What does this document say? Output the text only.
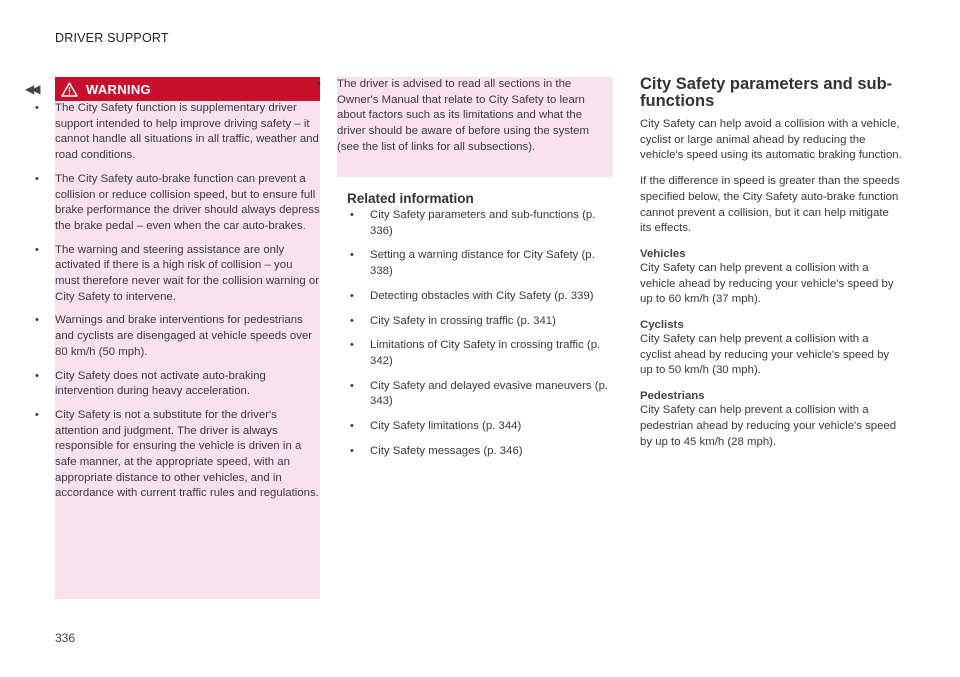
DRIVER SUPPORT
◀◀
336
WARNING
• The City Safety function is supplementary driver support intended to help improve driving safety – it cannot handle all situations in all traffic, weather and road conditions.
• The City Safety auto-brake function can prevent a collision or reduce collision speed, but to ensure full brake performance the driver should always depress the brake pedal – even when the car auto-brakes.
• The warning and steering assistance are only activated if there is a high risk of collision – you must therefore never wait for the collision warning or City Safety to intervene.
• Warnings and brake interventions for pedestrians and cyclists are disengaged at vehicle speeds over 80 km/h (50 mph).
• City Safety does not activate auto-braking intervention during heavy acceleration.
• City Safety is not a substitute for the driver's attention and judgment. The driver is always responsible for ensuring the vehicle is driven in a safe manner, at the appropriate speed, with an appropriate distance to other vehicles, and in accordance with current traffic rules and regulations.
• The driver is advised to read all sections in the Owner's Manual that relate to City Safety to learn about factors such as its limitations and what the driver should be aware of before using the system (see the list of links for all subsections).
Related information
• City Safety parameters and sub-functions (p. 336)
• Setting a warning distance for City Safety (p. 338)
• Detecting obstacles with City Safety (p. 339)
• City Safety in crossing traffic (p. 341)
• Limitations of City Safety in crossing traffic (p. 342)
• City Safety and delayed evasive maneuvers (p. 343)
• City Safety limitations (p. 344)
• City Safety messages (p. 346)
City Safety parameters and sub-functions

City Safety can help avoid a collision with a vehicle, cyclist or large animal ahead by reducing the vehicle's speed using its automatic braking function.

If the difference in speed is greater than the speeds specified below, the City Safety auto-brake function cannot prevent a collision, but it can help mitigate its effects.

Vehicles

City Safety can help prevent a collision with a vehicle ahead by reducing your vehicle's speed by up to 60 km/h (37 mph).

Cyclists

City Safety can help prevent a collision with a cyclist ahead by reducing your vehicle's speed by up to 50 km/h (30 mph).

Pedestrians

City Safety can help prevent a collision with a pedestrian ahead by reducing your vehicle's speed by up to 45 km/h (28 mph).
